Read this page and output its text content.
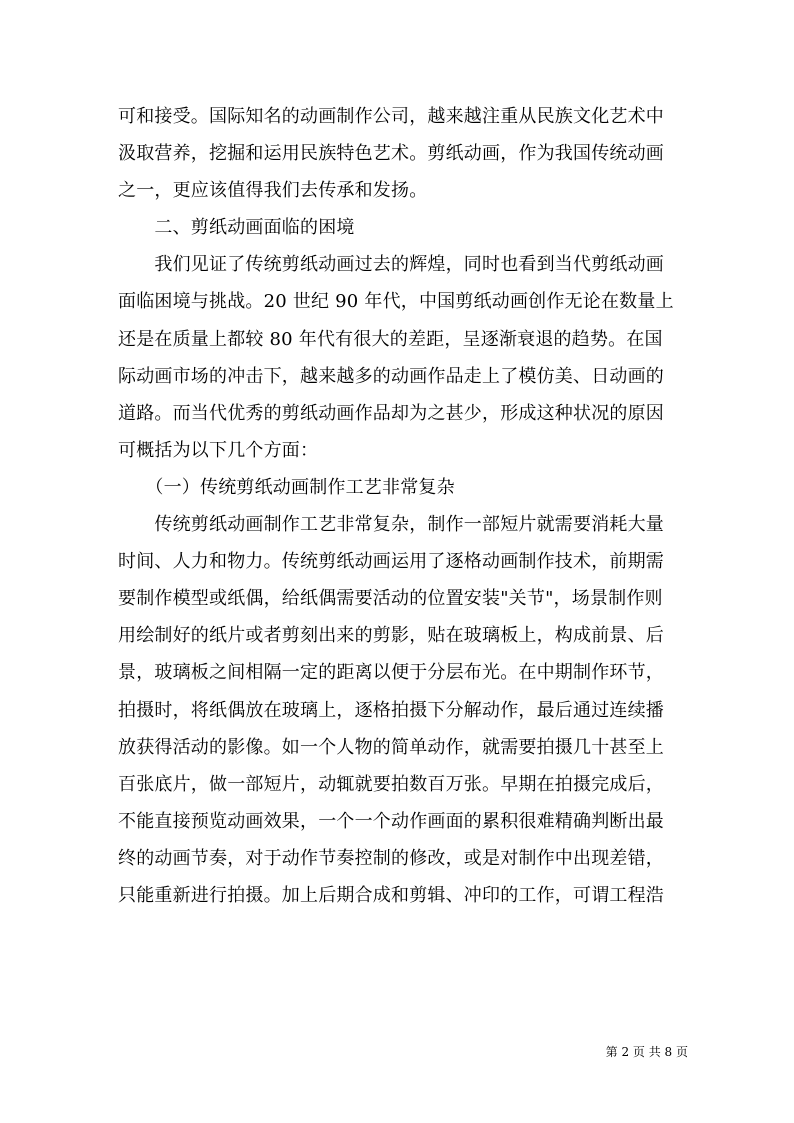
可和接受。国际知名的动画制作公司，越来越注重从民族文化艺术中
汲取营养，挖掘和运用民族特色艺术。剪纸动画，作为我国传统动画
之一，更应该值得我们去传承和发扬。
　　二、剪纸动画面临的困境
　　我们见证了传统剪纸动画过去的辉煌，同时也看到当代剪纸动画
面临困境与挑战。20 世纪 90 年代，中国剪纸动画创作无论在数量上
还是在质量上都较 80 年代有很大的差距，呈逐渐衰退的趋势。在国
际动画市场的冲击下，越来越多的动画作品走上了模仿美、日动画的
道路。而当代优秀的剪纸动画作品却为之甚少，形成这种状况的原因
可概括为以下几个方面：
　　（一）传统剪纸动画制作工艺非常复杂
　　传统剪纸动画制作工艺非常复杂，制作一部短片就需要消耗大量
时间、人力和物力。传统剪纸动画运用了逐格动画制作技术，前期需
要制作模型或纸偶，给纸偶需要活动的位置安装"关节"，场景制作则
用绘制好的纸片或者剪刻出来的剪影，贴在玻璃板上，构成前景、后
景，玻璃板之间相隔一定的距离以便于分层布光。在中期制作环节，
拍摄时，将纸偶放在玻璃上，逐格拍摄下分解动作，最后通过连续播
放获得活动的影像。如一个人物的简单动作，就需要拍摄几十甚至上
百张底片，做一部短片，动辄就要拍数百万张。早期在拍摄完成后，
不能直接预览动画效果，一个一个动作画面的累积很难精确判断出最
终的动画节奏，对于动作节奏控制的修改，或是对制作中出现差错，
只能重新进行拍摄。加上后期合成和剪辑、冲印的工作，可谓工程浩
第 2 页 共 8 页
